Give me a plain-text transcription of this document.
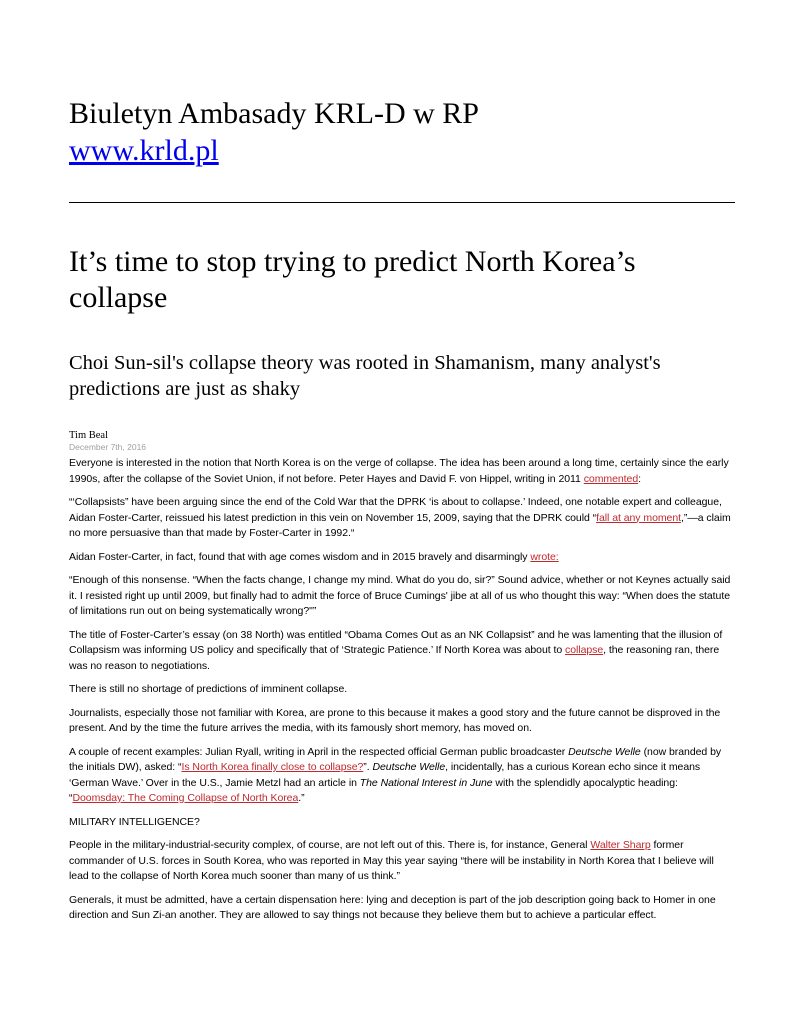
Biuletyn Ambasady KRL-D w RP
www.krld.pl
It’s time to stop trying to predict North Korea’s collapse
Choi Sun-sil's collapse theory was rooted in Shamanism, many analyst's predictions are just as shaky
Tim Beal
December 7th, 2016

Everyone is interested in the notion that North Korea is on the verge of collapse. The idea has been around a long time, certainly since the early 1990s, after the collapse of the Soviet Union, if not before. Peter Hayes and David F. von Hippel, writing in 2011 commented:

“‘Collapsists” have been arguing since the end of the Cold War that the DPRK ‘is about to collapse.’ Indeed, one notable expert and colleague, Aidan Foster-Carter, reissued his latest prediction in this vein on November 15, 2009, saying that the DPRK could “fall at any moment,”—a claim no more persuasive than that made by Foster-Carter in 1992.“

Aidan Foster-Carter, in fact, found that with age comes wisdom and in 2015 bravely and disarmingly wrote:

“Enough of this nonsense. “When the facts change, I change my mind. What do you do, sir?” Sound advice, whether or not Keynes actually said it. I resisted right up until 2009, but finally had to admit the force of Bruce Cumings' jibe at all of us who thought this way: “When does the statute of limitations run out on being systematically wrong?"”

The title of Foster-Carter’s essay (on 38 North) was entitled “Obama Comes Out as an NK Collapsist” and he was lamenting that the illusion of Collapsism was informing US policy and specifically that of ‘Strategic Patience.’ If North Korea was about to collapse, the reasoning ran, there was no reason to negotiations.

There is still no shortage of predictions of imminent collapse.

Journalists, especially those not familiar with Korea, are prone to this because it makes a good story and the future cannot be disproved in the present. And by the time the future arrives the media, with its famously short memory, has moved on.

A couple of recent examples: Julian Ryall, writing in April in the respected official German public broadcaster Deutsche Welle (now branded by the initials DW), asked: “Is North Korea finally close to collapse?”. Deutsche Welle, incidentally, has a curious Korean echo since it means ‘German Wave.’ Over in the U.S., Jamie Metzl had an article in The National Interest in June with the splendidly apocalyptic heading: “Doomsday: The Coming Collapse of North Korea.”

MILITARY INTELLIGENCE?

People in the military-industrial-security complex, of course, are not left out of this. There is, for instance, General Walter Sharp former commander of U.S. forces in South Korea, who was reported in May this year saying “there will be instability in North Korea that I believe will lead to the collapse of North Korea much sooner than many of us think.”

Generals, it must be admitted, have a certain dispensation here: lying and deception is part of the job description going back to Homer in one direction and Sun Zi-an another. They are allowed to say things not because they believe them but to achieve a particular effect.
